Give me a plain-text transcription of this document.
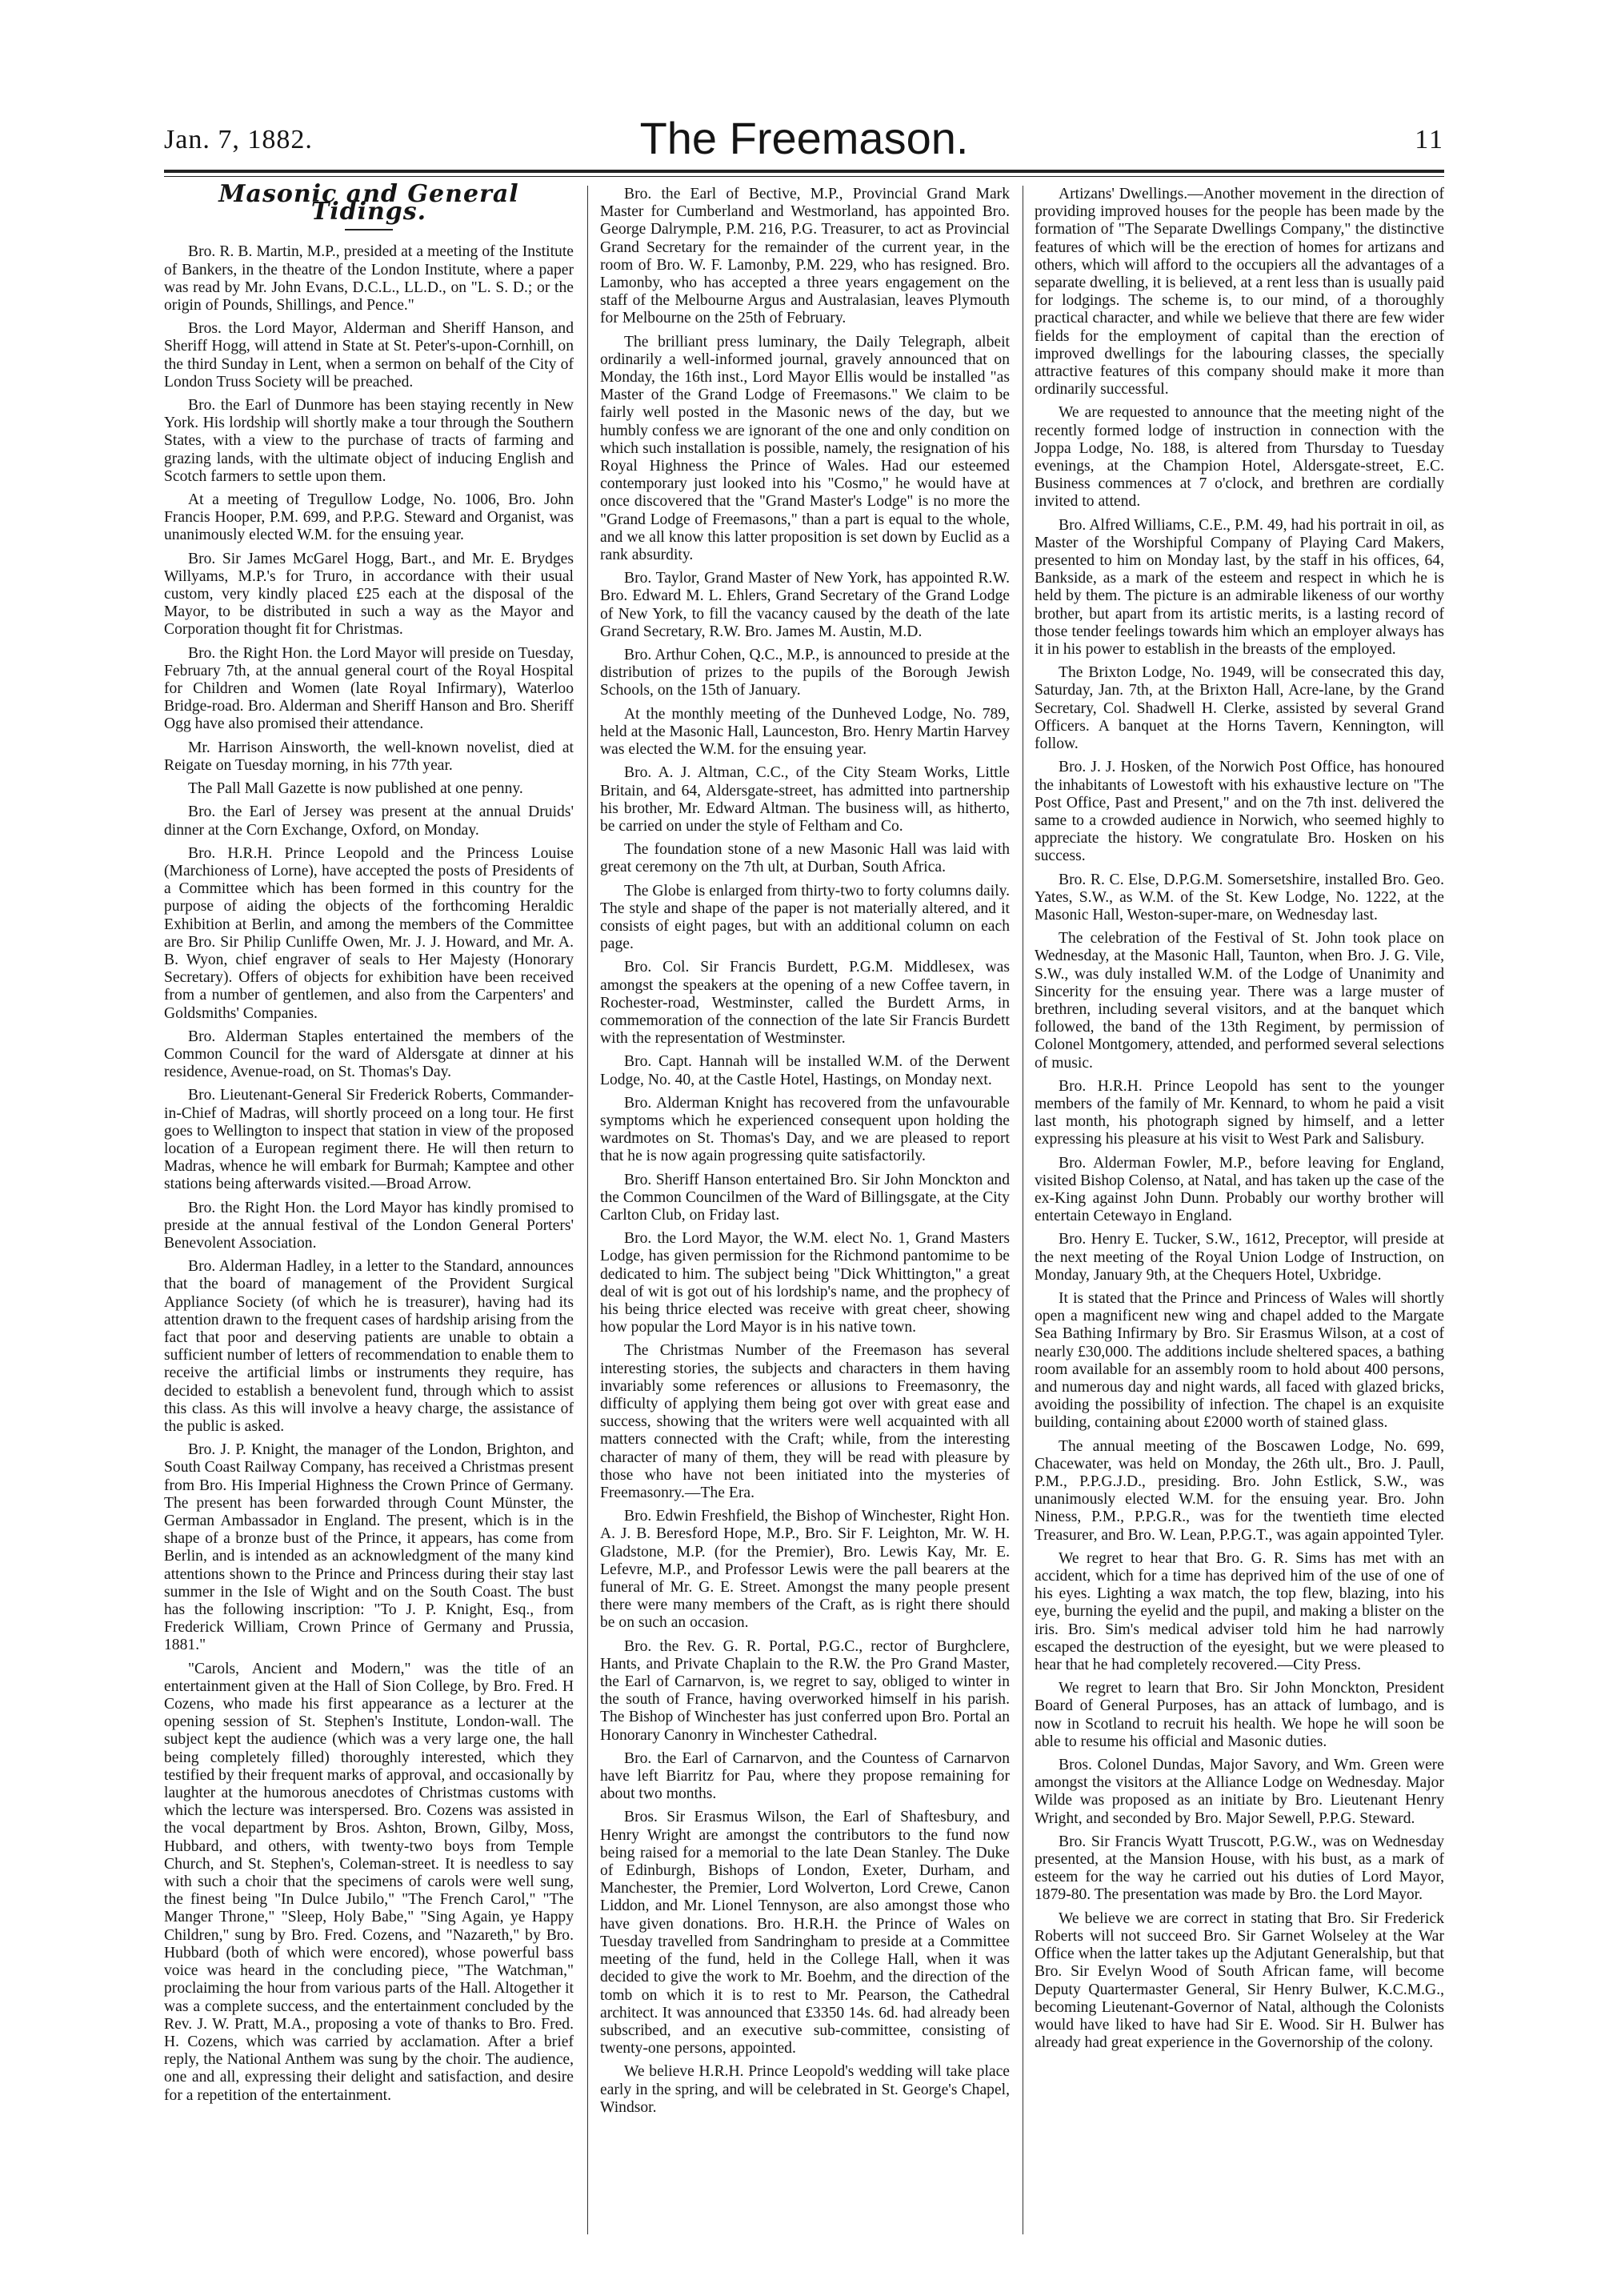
Jan. 7, 1882.	The Freemason.	11
Masonic and General Tidings.

Bro. R. B. Martin, M.P., presided at a meeting of the Institute of Bankers, in the theatre of the London Institute, where a paper was read by Mr. John Evans, D.C.L., LL.D., on "L. S. D.; or the origin of Pounds, Shillings, and Pence."

Bros. the Lord Mayor, Alderman and Sheriff Hanson, and Sheriff Hogg, will attend in State at St. Peter's-upon-Cornhill, on the third Sunday in Lent, when a sermon on behalf of the City of London Truss Society will be preached.

Bro. the Earl of Dunmore has been staying recently in New York. His lordship will shortly make a tour through the Southern States, with a view to the purchase of tracts of farming and grazing lands, with the ultimate object of inducing English and Scotch farmers to settle upon them.

At a meeting of Tregullow Lodge, No. 1006, Bro. John Francis Hooper, P.M. 699, and P.P.G. Steward and Organist, was unanimously elected W.M. for the ensuing year.

Bro. Sir James McGarel Hogg, Bart., and Mr. E. Brydges Willyams, M.P.'s for Truro, in accordance with their usual custom, very kindly placed £25 each at the disposal of the Mayor, to be distributed in such a way as the Mayor and Corporation thought fit for Christmas.

Bro. the Right Hon. the Lord Mayor will preside on Tuesday, February 7th, at the annual general court of the Royal Hospital for Children and Women (late Royal Infirmary), Waterloo Bridge-road. Bro. Alderman and Sheriff Hanson and Bro. Sheriff Ogg have also promised their attendance.

Mr. Harrison Ainsworth, the well-known novelist, died at Reigate on Tuesday morning, in his 77th year.

The Pall Mall Gazette is now published at one penny.

Bro. the Earl of Jersey was present at the annual Druids' dinner at the Corn Exchange, Oxford, on Monday.

Bro. H.R.H. Prince Leopold and the Princess Louise (Marchioness of Lorne), have accepted the posts of Presidents of a Committee which has been formed in this country for the purpose of aiding the objects of the forthcoming Heraldic Exhibition at Berlin, and among the members of the Committee are Bro. Sir Philip Cunliffe Owen, Mr. J. J. Howard, and Mr. A. B. Wyon, chief engraver of seals to Her Majesty (Honorary Secretary). Offers of objects for exhibition have been received from a number of gentlemen, and also from the Carpenters' and Goldsmiths' Companies.

Bro. Alderman Staples entertained the members of the Common Council for the ward of Aldersgate at dinner at his residence, Avenue-road, on St. Thomas's Day.

Bro. Lieutenant-General Sir Frederick Roberts, Commander-in-Chief of Madras, will shortly proceed on a long tour. He first goes to Wellington to inspect that station in view of the proposed location of a European regiment there. He will then return to Madras, whence he will embark for Burmah; Kamptee and other stations being afterwards visited.—Broad Arrow.

Bro. the Right Hon. the Lord Mayor has kindly promised to preside at the annual festival of the London General Porters' Benevolent Association.

Bro. Alderman Hadley, in a letter to the Standard, announces that the board of management of the Provident Surgical Appliance Society (of which he is treasurer), having had its attention drawn to the frequent cases of hardship arising from the fact that poor and deserving patients are unable to obtain a sufficient number of letters of recommendation to enable them to receive the artificial limbs or instruments they require, has decided to establish a benevolent fund, through which to assist this class. As this will involve a heavy charge, the assistance of the public is asked.

Bro. J. P. Knight, the manager of the London, Brighton, and South Coast Railway Company, has received a Christmas present from Bro. His Imperial Highness the Crown Prince of Germany. The present has been forwarded through Count Münster, the German Ambassador in England. The present, which is in the shape of a bronze bust of the Prince, it appears, has come from Berlin, and is intended as an acknowledgment of the many kind attentions shown to the Prince and Princess during their stay last summer in the Isle of Wight and on the South Coast. The bust has the following inscription: "To J. P. Knight, Esq., from Frederick William, Crown Prince of Germany and Prussia, 1881."

"Carols, Ancient and Modern," was the title of an entertainment given at the Hall of Sion College, by Bro. Fred. H Cozens, who made his first appearance as a lecturer at the opening session of St. Stephen's Institute, London-wall. The subject kept the audience (which was a very large one, the hall being completely filled) thoroughly interested, which they testified by their frequent marks of approval, and occasionally by laughter at the humorous anecdotes of Christmas customs with which the lecture was interspersed. Bro. Cozens was assisted in the vocal department by Bros. Ashton, Brown, Gilby, Moss, Hubbard, and others, with twenty-two boys from Temple Church, and St. Stephen's, Coleman-street. It is needless to say with such a choir that the specimens of carols were well sung, the finest being "In Dulce Jubilo," "The French Carol," "The Manger Throne," "Sleep, Holy Babe," "Sing Again, ye Happy Children," sung by Bro. Fred. Cozens, and "Nazareth," by Bro. Hubbard (both of which were encored), whose powerful bass voice was heard in the concluding piece, "The Watchman," proclaiming the hour from various parts of the Hall. Altogether it was a complete success, and the entertainment concluded by the Rev. J. W. Pratt, M.A., proposing a vote of thanks to Bro. Fred. H. Cozens, which was carried by acclamation. After a brief reply, the National Anthem was sung by the choir. The audience, one and all, expressing their delight and satisfaction, and desire for a repetition of the entertainment.

Bro. the Earl of Bective, M.P., Provincial Grand Mark Master for Cumberland and Westmorland, has appointed Bro. George Dalrymple, P.M. 216, P.G. Treasurer, to act as Provincial Grand Secretary for the remainder of the current year, in the room of Bro. W. F. Lamonby, P.M. 229, who has resigned. Bro. Lamonby, who has accepted a three years engagement on the staff of the Melbourne Argus and Australasian, leaves Plymouth for Melbourne on the 25th of February.

The brilliant press luminary, the Daily Telegraph, albeit ordinarily a well-informed journal, gravely announced that on Monday, the 16th inst., Lord Mayor Ellis would be installed "as Master of the Grand Lodge of Freemasons." We claim to be fairly well posted in the Masonic news of the day, but we humbly confess we are ignorant of the one and only condition on which such installation is possible, namely, the resignation of his Royal Highness the Prince of Wales. Had our esteemed contemporary just looked into his "Cosmo," he would have at once discovered that the "Grand Master's Lodge" is no more the "Grand Lodge of Freemasons," than a part is equal to the whole, and we all know this latter proposition is set down by Euclid as a rank absurdity.

Bro. Taylor, Grand Master of New York, has appointed R.W. Bro. Edward M. L. Ehlers, Grand Secretary of the Grand Lodge of New York, to fill the vacancy caused by the death of the late Grand Secretary, R.W. Bro. James M. Austin, M.D.

Bro. Arthur Cohen, Q.C., M.P., is announced to preside at the distribution of prizes to the pupils of the Borough Jewish Schools, on the 15th of January.

At the monthly meeting of the Dunheved Lodge, No. 789, held at the Masonic Hall, Launceston, Bro. Henry Martin Harvey was elected the W.M. for the ensuing year.

Bro. A. J. Altman, C.C., of the City Steam Works, Little Britain, and 64, Aldersgate-street, has admitted into partnership his brother, Mr. Edward Altman. The business will, as hitherto, be carried on under the style of Feltham and Co.

The foundation stone of a new Masonic Hall was laid with great ceremony on the 7th ult, at Durban, South Africa.

The Globe is enlarged from thirty-two to forty columns daily. The style and shape of the paper is not materially altered, and it consists of eight pages, but with an additional column on each page.

Bro. Col. Sir Francis Burdett, P.G.M. Middlesex, was amongst the speakers at the opening of a new Coffee tavern, in Rochester-road, Westminster, called the Burdett Arms, in commemoration of the connection of the late Sir Francis Burdett with the representation of Westminster.

Bro. Capt. Hannah will be installed W.M. of the Derwent Lodge, No. 40, at the Castle Hotel, Hastings, on Monday next.

Bro. Alderman Knight has recovered from the unfavourable symptoms which he experienced consequent upon holding the wardmotes on St. Thomas's Day, and we are pleased to report that he is now again progressing quite satisfactorily.

Bro. Sheriff Hanson entertained Bro. Sir John Monckton and the Common Councilmen of the Ward of Billingsgate, at the City Carlton Club, on Friday last.

Bro. the Lord Mayor, the W.M. elect No. 1, Grand Masters Lodge, has given permission for the Richmond pantomime to be dedicated to him. The subject being "Dick Whittington," a great deal of wit is got out of his lordship's name, and the prophecy of his being thrice elected was receive with great cheer, showing how popular the Lord Mayor is in his native town.

The Christmas Number of the Freemason has several interesting stories, the subjects and characters in them having invariably some references or allusions to Freemasonry, the difficulty of applying them being got over with great ease and success, showing that the writers were well acquainted with all matters connected with the Craft; while, from the interesting character of many of them, they will be read with pleasure by those who have not been initiated into the mysteries of Freemasonry.—The Era.

Bro. Edwin Freshfield, the Bishop of Winchester, Right Hon. A. J. B. Beresford Hope, M.P., Bro. Sir F. Leighton, Mr. W. H. Gladstone, M.P. (for the Premier), Bro. Lewis Kay, Mr. E. Lefevre, M.P., and Professor Lewis were the pall bearers at the funeral of Mr. G. E. Street. Amongst the many people present there were many members of the Craft, as is right there should be on such an occasion.

Bro. the Rev. G. R. Portal, P.G.C., rector of Burghclere, Hants, and Private Chaplain to the R.W. the Pro Grand Master, the Earl of Carnarvon, is, we regret to say, obliged to winter in the south of France, having overworked himself in his parish. The Bishop of Winchester has just conferred upon Bro. Portal an Honorary Canonry in Winchester Cathedral.

Bro. the Earl of Carnarvon, and the Countess of Carnarvon have left Biarritz for Pau, where they propose remaining for about two months.

Bros. Sir Erasmus Wilson, the Earl of Shaftesbury, and Henry Wright are amongst the contributors to the fund now being raised for a memorial to the late Dean Stanley. The Duke of Edinburgh, Bishops of London, Exeter, Durham, and Manchester, the Premier, Lord Wolverton, Lord Crewe, Canon Liddon, and Mr. Lionel Tennyson, are also amongst those who have given donations. Bro. H.R.H. the Prince of Wales on Tuesday travelled from Sandringham to preside at a Committee meeting of the fund, held in the College Hall, when it was decided to give the work to Mr. Boehm, and the direction of the tomb on which it is to rest to Mr. Pearson, the Cathedral architect. It was announced that £3350 14s. 6d. had already been subscribed, and an executive sub-committee, consisting of twenty-one persons, appointed.

We believe H.R.H. Prince Leopold's wedding will take place early in the spring, and will be celebrated in St. George's Chapel, Windsor.

Artizans' Dwellings.—Another movement in the direction of providing improved houses for the people has been made by the formation of "The Separate Dwellings Company," the distinctive features of which will be the erection of homes for artizans and others, which will afford to the occupiers all the advantages of a separate dwelling, it is believed, at a rent less than is usually paid for lodgings. The scheme is, to our mind, of a thoroughly practical character, and while we believe that there are few wider fields for the employment of capital than the erection of improved dwellings for the labouring classes, the specially attractive features of this company should make it more than ordinarily successful.

We are requested to announce that the meeting night of the recently formed lodge of instruction in connection with the Joppa Lodge, No. 188, is altered from Thursday to Tuesday evenings, at the Champion Hotel, Aldersgate-street, E.C. Business commences at 7 o'clock, and brethren are cordially invited to attend.

Bro. Alfred Williams, C.E., P.M. 49, had his portrait in oil, as Master of the Worshipful Company of Playing Card Makers, presented to him on Monday last, by the staff in his offices, 64, Bankside, as a mark of the esteem and respect in which he is held by them. The picture is an admirable likeness of our worthy brother, but apart from its artistic merits, is a lasting record of those tender feelings towards him which an employer always has it in his power to establish in the breasts of the employed.

The Brixton Lodge, No. 1949, will be consecrated this day, Saturday, Jan. 7th, at the Brixton Hall, Acre-lane, by the Grand Secretary, Col. Shadwell H. Clerke, assisted by several Grand Officers. A banquet at the Horns Tavern, Kennington, will follow.

Bro. J. J. Hosken, of the Norwich Post Office, has honoured the inhabitants of Lowestoft with his exhaustive lecture on "The Post Office, Past and Present," and on the 7th inst. delivered the same to a crowded audience in Norwich, who seemed highly to appreciate the history. We congratulate Bro. Hosken on his success.

Bro. R. C. Else, D.P.G.M. Somersetshire, installed Bro. Geo. Yates, S.W., as W.M. of the St. Kew Lodge, No. 1222, at the Masonic Hall, Weston-super-mare, on Wednesday last.

The celebration of the Festival of St. John took place on Wednesday, at the Masonic Hall, Taunton, when Bro. J. G. Vile, S.W., was duly installed W.M. of the Lodge of Unanimity and Sincerity for the ensuing year. There was a large muster of brethren, including several visitors, and at the banquet which followed, the band of the 13th Regiment, by permission of Colonel Montgomery, attended, and performed several selections of music.

Bro. H.R.H. Prince Leopold has sent to the younger members of the family of Mr. Kennard, to whom he paid a visit last month, his photograph signed by himself, and a letter expressing his pleasure at his visit to West Park and Salisbury.

Bro. Alderman Fowler, M.P., before leaving for England, visited Bishop Colenso, at Natal, and has taken up the case of the ex-King against John Dunn. Probably our worthy brother will entertain Cetewayo in England.

Bro. Henry E. Tucker, S.W., 1612, Preceptor, will preside at the next meeting of the Royal Union Lodge of Instruction, on Monday, January 9th, at the Chequers Hotel, Uxbridge.

It is stated that the Prince and Princess of Wales will shortly open a magnificent new wing and chapel added to the Margate Sea Bathing Infirmary by Bro. Sir Erasmus Wilson, at a cost of nearly £30,000. The additions include sheltered spaces, a bathing room available for an assembly room to hold about 400 persons, and numerous day and night wards, all faced with glazed bricks, avoiding the possibility of infection. The chapel is an exquisite building, containing about £2000 worth of stained glass.

The annual meeting of the Boscawen Lodge, No. 699, Chacewater, was held on Monday, the 26th ult., Bro. J. Paull, P.M., P.P.G.J.D., presiding. Bro. John Estlick, S.W., was unanimously elected W.M. for the ensuing year. Bro. John Niness, P.M., P.P.G.R., was for the twentieth time elected Treasurer, and Bro. W. Lean, P.P.G.T., was again appointed Tyler.

We regret to hear that Bro. G. R. Sims has met with an accident, which for a time has deprived him of the use of one of his eyes. Lighting a wax match, the top flew, blazing, into his eye, burning the eyelid and the pupil, and making a blister on the iris. Bro. Sim's medical adviser told him he had narrowly escaped the destruction of the eyesight, but we were pleased to hear that he had completely recovered.—City Press.

We regret to learn that Bro. Sir John Monckton, President Board of General Purposes, has an attack of lumbago, and is now in Scotland to recruit his health. We hope he will soon be able to resume his official and Masonic duties.

Bros. Colonel Dundas, Major Savory, and Wm. Green were amongst the visitors at the Alliance Lodge on Wednesday. Major Wilde was proposed as an initiate by Bro. Lieutenant Henry Wright, and seconded by Bro. Major Sewell, P.P.G. Steward.

Bro. Sir Francis Wyatt Truscott, P.G.W., was on Wednesday presented, at the Mansion House, with his bust, as a mark of esteem for the way he carried out his duties of Lord Mayor, 1879-80. The presentation was made by Bro. the Lord Mayor.

We believe we are correct in stating that Bro. Sir Frederick Roberts will not succeed Bro. Sir Garnet Wolseley at the War Office when the latter takes up the Adjutant Generalship, but that Bro. Sir Evelyn Wood of South African fame, will become Deputy Quartermaster General, Sir Henry Bulwer, K.C.M.G., becoming Lieutenant-Governor of Natal, although the Colonists would have liked to have had Sir E. Wood. Sir H. Bulwer has already had great experience in the Governorship of the colony.
